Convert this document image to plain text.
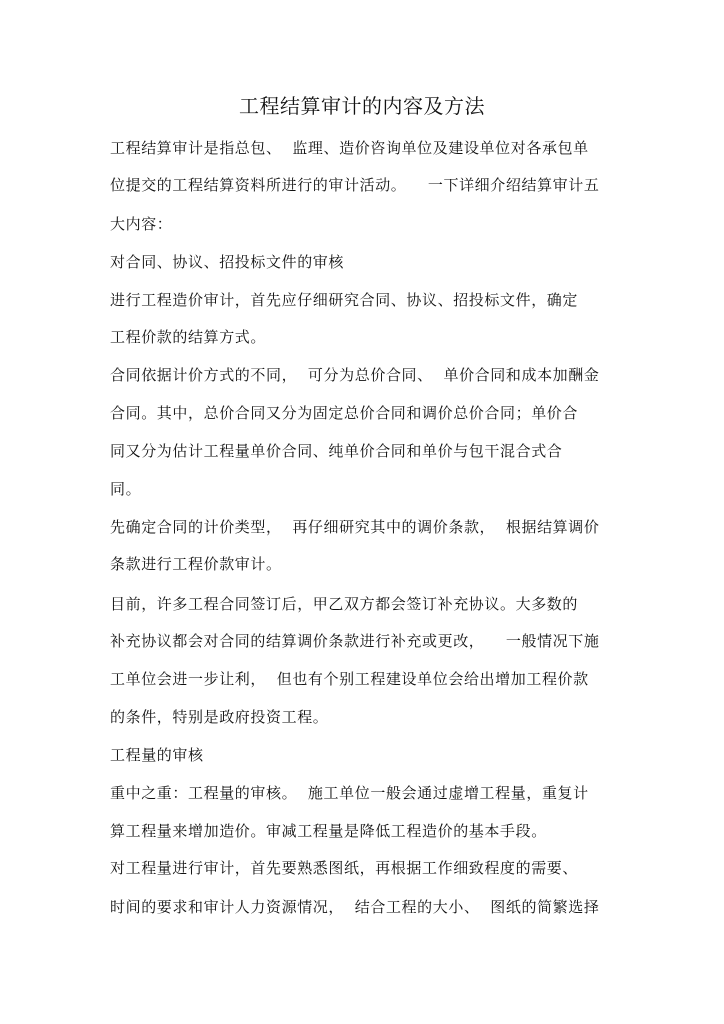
工程结算审计的内容及方法
工程结算审计是指总包、  监理、造价咨询单位及建设单位对各承包单
位提交的工程结算资料所进行的审计活动。    一下详细介绍结算审计五
大内容：
对合同、协议、招投标文件的审核
进行工程造价审计，首先应仔细研究合同、协议、招投标文件，确定
工程价款的结算方式。
合同依据计价方式的不同，  可分为总价合同、  单价合同和成本加酬金
合同。其中，总价合同又分为固定总价合同和调价总价合同；单价合
同又分为估计工程量单价合同、纯单价合同和单价与包干混合式合
同。
先确定合同的计价类型，  再仔细研究其中的调价条款，  根据结算调价
条款进行工程价款审计。
目前，许多工程合同签订后，甲乙双方都会签订补充协议。大多数的
补充协议都会对合同的结算调价条款进行补充或更改，    一般情况下施
工单位会进一步让利，  但也有个别工程建设单位会给出增加工程价款
的条件，特别是政府投资工程。
工程量的审核
重中之重：工程量的审核。  施工单位一般会通过虚增工程量，重复计
算工程量来增加造价。审减工程量是降低工程造价的基本手段。
对工程量进行审计，首先要熟悉图纸，再根据工作细致程度的需要、
时间的要求和审计人力资源情况，  结合工程的大小、  图纸的简繁选择
